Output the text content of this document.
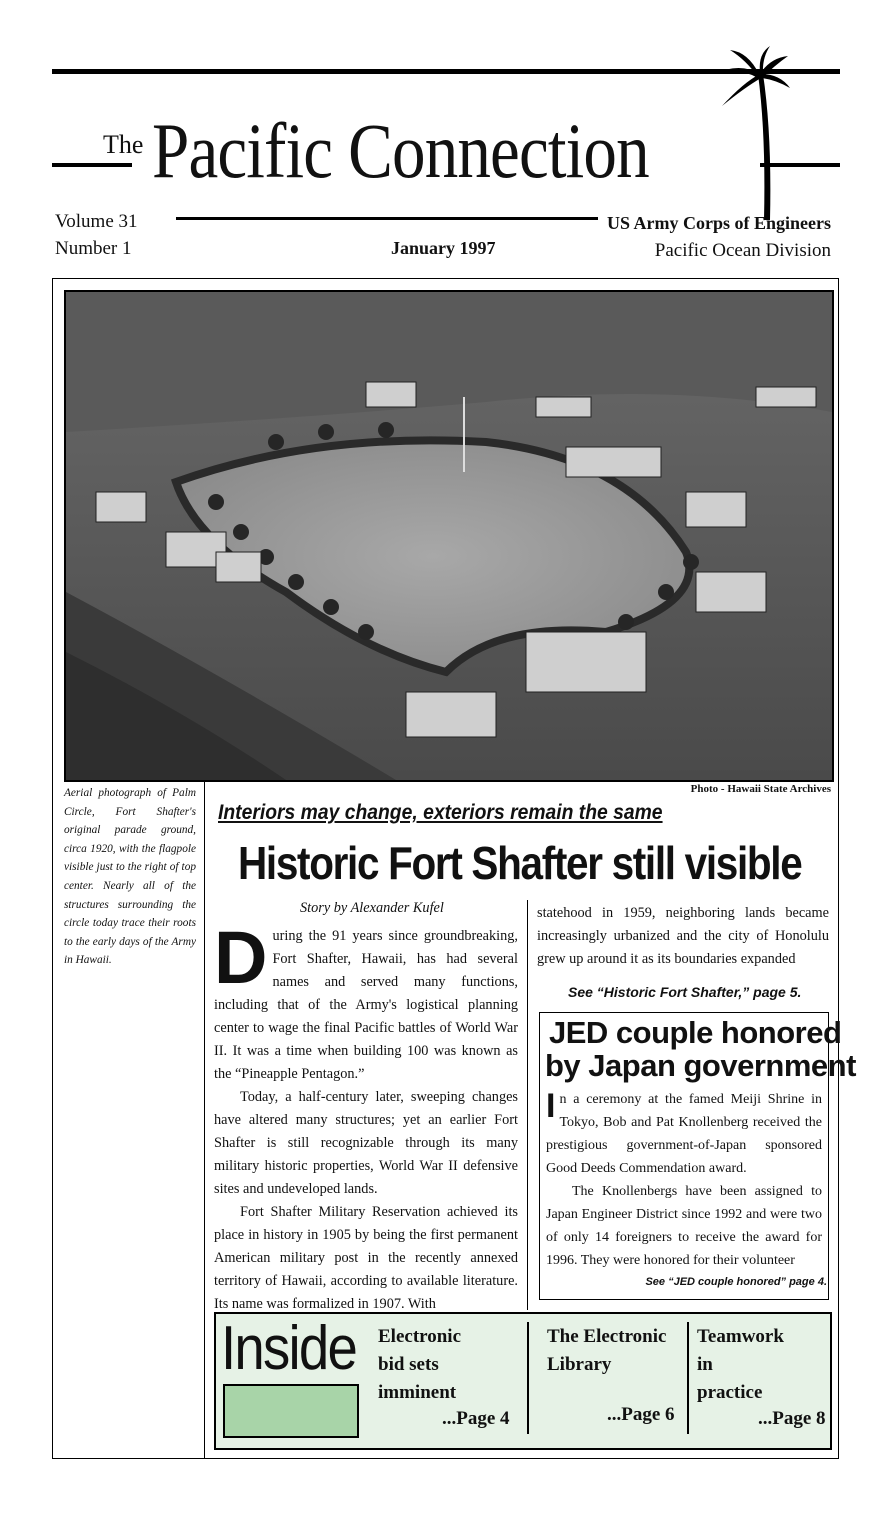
The Pacific Connection
Volume 31
Number 1	January 1997
US Army Corps of Engineers
Pacific Ocean Division
Photo - Hawaii State Archives
Aerial photograph of Palm Circle, Fort Shafter's original parade ground, circa 1920, with the flagpole visible just to the right of top center. Nearly all of the structures surrounding the circle today trace their roots to the early days of the Army in Hawaii.
Interiors may change, exteriors remain the same
Historic Fort Shafter still visible
Story by Alexander Kufel
During the 91 years since groundbreaking, Fort Shafter, Hawaii, has had several names and served many functions, including that of the Army's logistical planning center to wage the final Pacific battles of World War II. It was a time when building 100 was known as the “Pineapple Pentagon.”
Today, a half-century later, sweeping changes have altered many structures; yet an earlier Fort Shafter is still recognizable through its many military historic properties, World War II defensive sites and undeveloped lands.
Fort Shafter Military Reservation achieved its place in history in 1905 by being the first permanent American military post in the recently annexed territory of Hawaii, according to available literature. Its name was formalized in 1907. With
statehood in 1959, neighboring lands became increasingly urbanized and the city of Honolulu grew up around it as its boundaries expanded
See “Historic Fort Shafter,” page 5.
JED couple honored
by Japan government
In a ceremony at the famed Meiji Shrine in Tokyo, Bob and Pat Knollenberg received the prestigious government-of-Japan sponsored Good Deeds Commendation award.
The Knollenbergs have been assigned to Japan Engineer District since 1992 and were two of only 14 foreigners to receive the award for 1996. They were honored for their volunteer
See “JED couple honored” page 4.
Inside Electronic
bid sets
imminent
...Page 4
The Electronic
Library
...Page 6
Teamwork
in
practice
...Page 8
